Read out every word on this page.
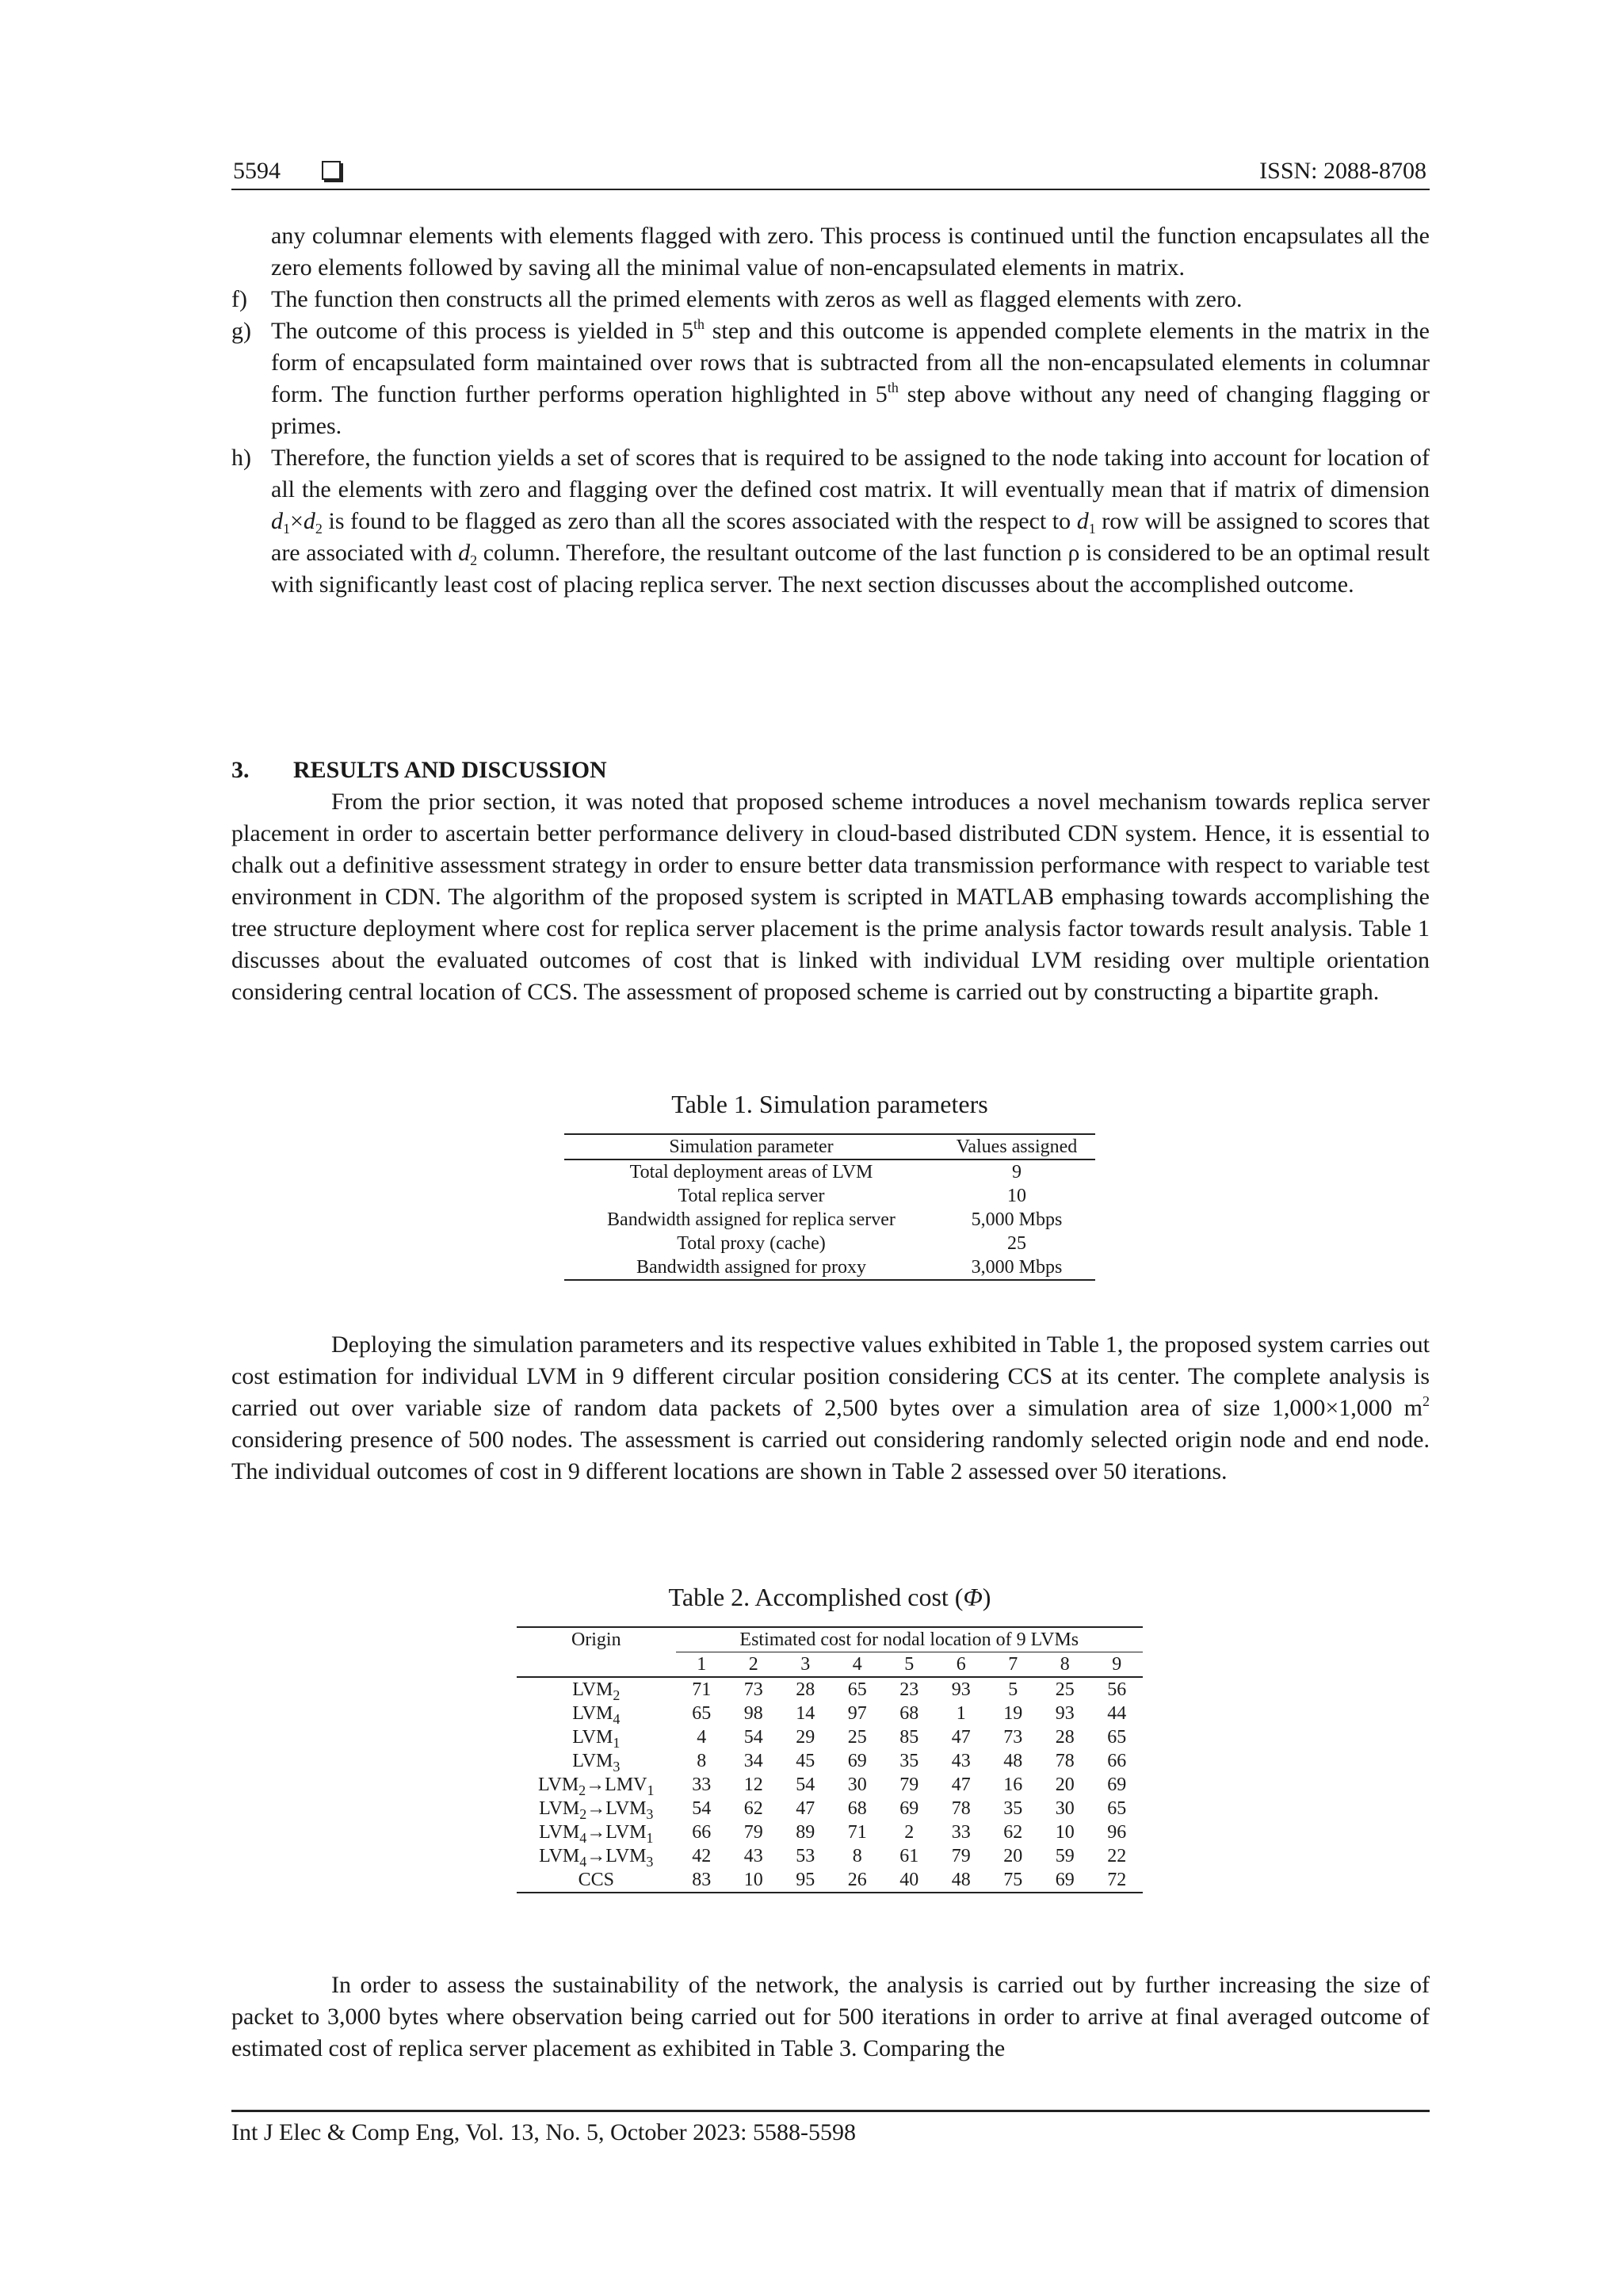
5594	ISSN: 2088-8708
any columnar elements with elements flagged with zero. This process is continued until the function encapsulates all the zero elements followed by saving all the minimal value of non-encapsulated elements in matrix.
f)	The function then constructs all the primed elements with zeros as well as flagged elements with zero.
g) The outcome of this process is yielded in 5th step and this outcome is appended complete elements in the matrix in the form of encapsulated form maintained over rows that is subtracted from all the non-encapsulated elements in columnar form. The function further performs operation highlighted in 5th step above without any need of changing flagging or primes.
h) Therefore, the function yields a set of scores that is required to be assigned to the node taking into account for location of all the elements with zero and flagging over the defined cost matrix. It will eventually mean that if matrix of dimension $d_1\times d_2$ is found to be flagged as zero than all the scores associated with the respect to $d_1$ row will be assigned to scores that are associated with $d_2$ column. Therefore, the resultant outcome of the last function ρ is considered to be an optimal result with significantly least cost of placing replica server. The next section discusses about the accomplished outcome.
3. RESULTS AND DISCUSSION
From the prior section, it was noted that proposed scheme introduces a novel mechanism towards replica server placement in order to ascertain better performance delivery in cloud-based distributed CDN system. Hence, it is essential to chalk out a definitive assessment strategy in order to ensure better data transmission performance with respect to variable test environment in CDN. The algorithm of the proposed system is scripted in MATLAB emphasing towards accomplishing the tree structure deployment where cost for replica server placement is the prime analysis factor towards result analysis. Table 1 discusses about the evaluated outcomes of cost that is linked with individual LVM residing over multiple orientation considering central location of CCS. The assessment of proposed scheme is carried out by constructing a bipartite graph.
Table 1. Simulation parameters
Simulation parameter	Values assigned
Total deployment areas of LVM	9
Total replica server	10
Bandwidth assigned for replica server	5,000 Mbps
Total proxy (cache)	25
Bandwidth assigned for proxy	3,000 Mbps
Deploying the simulation parameters and its respective values exhibited in Table 1, the proposed system carries out cost estimation for individual LVM in 9 different circular position considering CCS at its center. The complete analysis is carried out over variable size of random data packets of 2,500 bytes over a simulation area of size 1,000×1,000 $m^2$ considering presence of 500 nodes. The assessment is carried out considering randomly selected origin node and end node. The individual outcomes of cost in 9 different locations are shown in Table 2 assessed over 50 iterations.
Table 2. Accomplished cost (Φ)
Origin	Estimated cost for nodal location of 9 LVMs								
	1	2	3	4	5	6	7	8	9
$LVM_2$	71	73	28	65	23	93	5	25	56
$LVM_4$	65	98	14	97	68	1	19	93	44
$LVM_1$	4	54	29	25	85	47	73	28	65
$LVM_3$	8	34	45	69	35	43	48	78	66
$LVM_2\to LMV_1$	33	12	54	30	79	47	16	20	69
$LVM_2\to LVM_3$	54	62	47	68	69	78	35	30	65
$LVM_4\to LVM_1$	66	79	89	71	2	33	62	10	96
$LVM_4\to LVM_3$	42	43	53	8	61	79	20	59	22
CCS	83	10	95	26	40	48	75	69	72
In order to assess the sustainability of the network, the analysis is carried out by further increasing the size of packet to 3,000 bytes where observation being carried out for 500 iterations in order to arrive at final averaged outcome of estimated cost of replica server placement as exhibited in Table 3. Comparing the
Int J Elec & Comp Eng, Vol. 13, No. 5, October 2023: 5588-5598
